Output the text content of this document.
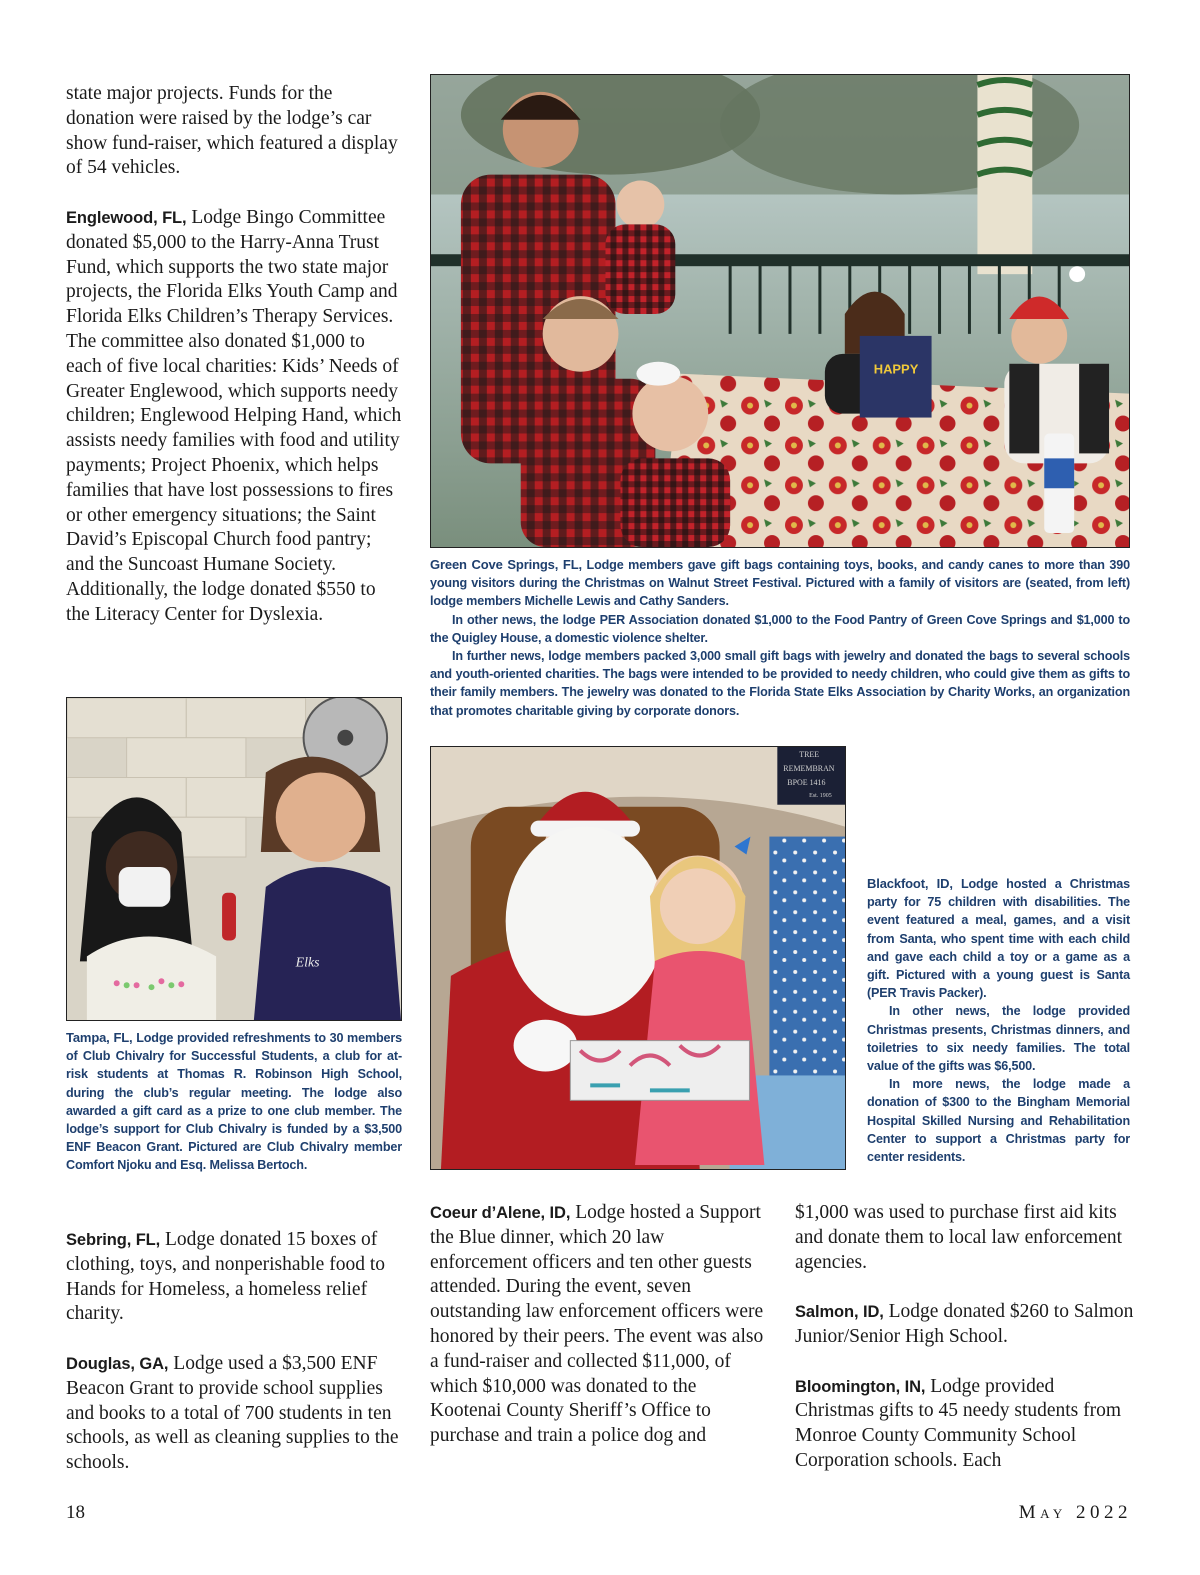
state major projects. Funds for the donation were raised by the lodge’s car show fund-raiser, which featured a display of 54 vehicles.

Englewood, FL, Lodge Bingo Committee donated $5,000 to the Harry-Anna Trust Fund, which supports the two state major projects, the Florida Elks Youth Camp and Florida Elks Children’s Therapy Services. The committee also donated $1,000 to each of five local charities: Kids’ Needs of Greater Englewood, which supports needy children; Englewood Helping Hand, which assists needy families with food and utility payments; Project Phoenix, which helps families that have lost possessions to fires or other emergency situations; the Saint David’s Episcopal Church food pantry; and the Suncoast Humane Society. Additionally, the lodge donated $550 to the Literacy Center for Dyslexia.

HAPPY

Green Cove Springs, FL, Lodge members gave gift bags containing toys, books, and candy canes to more than 390 young visitors during the Christmas on Walnut Street Festival. Pictured with a family of visitors are (seated, from left) lodge members Michelle Lewis and Cathy Sanders.

In other news, the lodge PER Association donated $1,000 to the Food Pantry of Green Cove Springs and $1,000 to the Quigley House, a domestic violence shelter.

In further news, lodge members packed 3,000 small gift bags with jewelry and donated the bags to several schools and youth-oriented charities. The bags were intended to be provided to needy children, who could give them as gifts to their family members. The jewelry was donated to the Florida State Elks Association by Charity Works, an organization that promotes charitable giving by corporate donors.

Elks

Tampa, FL, Lodge provided refreshments to 30 members of Club Chivalry for Successful Students, a club for at-risk students at Thomas R. Robinson High School, during the club’s regular meeting. The lodge also awarded a gift card as a prize to one club member. The lodge’s support for Club Chivalry is funded by a $3,500 ENF Beacon Grant. Pictured are Club Chivalry member Comfort Njoku and Esq. Melissa Bertoch.

Sebring, FL, Lodge donated 15 boxes of clothing, toys, and nonperishable food to Hands for Homeless, a homeless relief charity.

Douglas, GA, Lodge used a $3,500 ENF Beacon Grant to provide school supplies and books to a total of 700 students in ten schools, as well as cleaning supplies to the schools.

TREE
REMEMBRAN
BPOE 1416
Est. 1905

Blackfoot, ID, Lodge hosted a Christmas party for 75 children with disabilities. The event featured a meal, games, and a visit from Santa, who spent time with each child and gave each child a toy or a game as a gift. Pictured with a young guest is Santa (PER Travis Packer).

In other news, the lodge provided Christmas presents, Christmas dinners, and toiletries to six needy families. The total value of the gifts was $6,500.

In more news, the lodge made a donation of $300 to the Bingham Memorial Hospital Skilled Nursing and Rehabilitation Center to support a Christmas party for center residents.

Coeur d’Alene, ID, Lodge hosted a Support the Blue dinner, which 20 law enforcement officers and ten other guests attended. During the event, seven outstanding law enforcement officers were honored by their peers. The event was also a fund-raiser and collected $11,000, of which $10,000 was donated to the Kootenai County Sheriff’s Office to purchase and train a police dog and

$1,000 was used to purchase first aid kits and donate them to local law enforcement agencies.

Salmon, ID, Lodge donated $260 to Salmon Junior/Senior High School.

Bloomington, IN, Lodge provided Christmas gifts to 45 needy students from Monroe County Community School Corporation schools. Each

18	May 2022
